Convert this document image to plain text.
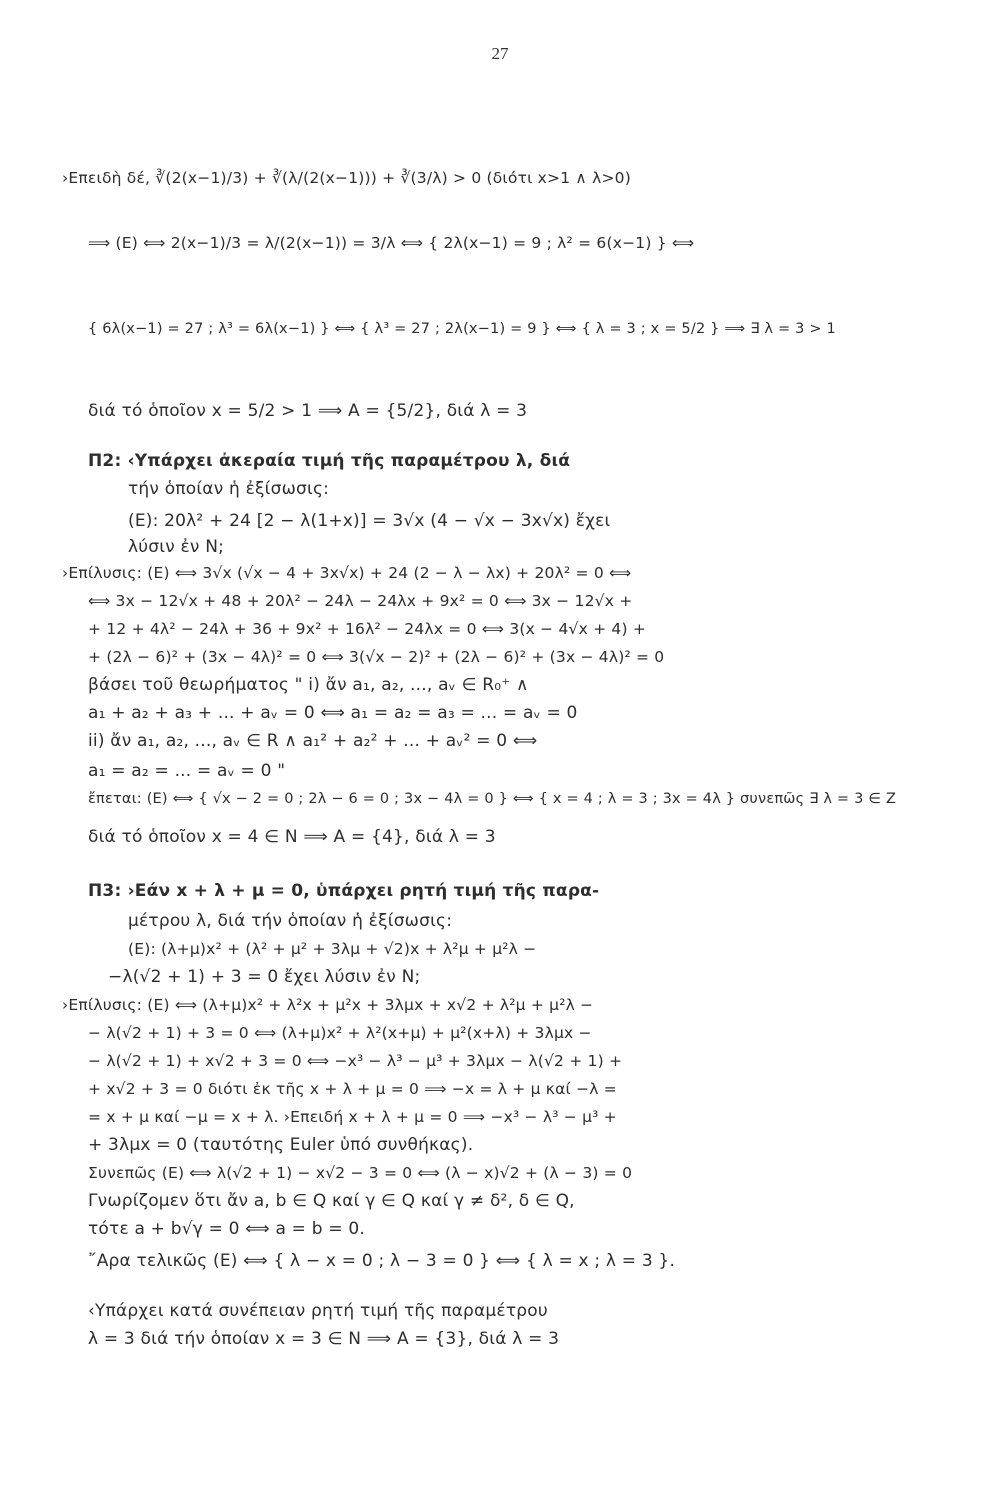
27
›Επειδὴ δέ, ∛(2(x−1)/3) + ∛(λ/(2(x−1))) + ∛(3/λ) > 0 (διότι x>1 ∧ λ>0)
⟹ (E) ⟺ 2(x−1)/3 = λ/(2(x−1)) = 3/λ ⟺ { 2λ(x−1) = 9 ; λ² = 6(x−1) } ⟺
{ 6λ(x−1) = 27 ; λ³ = 6λ(x−1) } ⟺ { λ³ = 27 ; 2λ(x−1) = 9 } ⟺ { λ = 3 ; x = 5/2 } ⟹ ∃ λ = 3 > 1
διά τό ὁποῖον x = 5/2 > 1 ⟹ A = {5/2}, διά λ = 3
Π2: ‹Υπάρχει ἀκεραία τιμή τῆς παραμέτρου λ, διά
τήν ὁποίαν ἡ ἐξίσωσις:
(E): 20λ² + 24 [2 − λ(1+x)] = 3√x (4 − √x − 3x√x) ἔχει
λύσιν ἐν N;
›Επίλυσις: (E) ⟺ 3√x (√x − 4 + 3x√x) + 24 (2 − λ − λx) + 20λ² = 0 ⟺
⟺ 3x − 12√x + 48 + 20λ² − 24λ − 24λx + 9x² = 0 ⟺ 3x − 12√x +
+ 12 + 4λ² − 24λ + 36 + 9x² + 16λ² − 24λx = 0 ⟺ 3(x − 4√x + 4) +
+ (2λ − 6)² + (3x − 4λ)² = 0 ⟺ 3(√x − 2)² + (2λ − 6)² + (3x − 4λ)² = 0
βάσει τοῦ θεωρήματος " i) ἄν a₁, a₂, ..., aᵥ ∈ R₀⁺ ∧
a₁ + a₂ + a₃ + ... + aᵥ = 0 ⟺ a₁ = a₂ = a₃ = ... = aᵥ = 0
ii) ἄν a₁, a₂, ..., aᵥ ∈ R ∧ a₁² + a₂² + ... + aᵥ² = 0 ⟺
a₁ = a₂ = ... = aᵥ = 0 "
ἔπεται: (E) ⟺ { √x − 2 = 0 ; 2λ − 6 = 0 ; 3x − 4λ = 0 } ⟺ { x = 4 ; λ = 3 ; 3x = 4λ } συνεπῶς ∃ λ = 3 ∈ Z
διά τό ὁποῖον x = 4 ∈ N ⟹ A = {4}, διά λ = 3
Π3: ›Εάν x + λ + μ = 0, ὑπάρχει ρητή τιμή τῆς παρα-
μέτρου λ, διά τήν ὁποίαν ἡ ἐξίσωσις:
(E): (λ+μ)x² + (λ² + μ² + 3λμ + √2)x + λ²μ + μ²λ −
−λ(√2 + 1) + 3 = 0 ἔχει λύσιν ἐν N;
›Επίλυσις: (E) ⟺ (λ+μ)x² + λ²x + μ²x + 3λμx + x√2 + λ²μ + μ²λ −
− λ(√2 + 1) + 3 = 0 ⟺ (λ+μ)x² + λ²(x+μ) + μ²(x+λ) + 3λμx −
− λ(√2 + 1) + x√2 + 3 = 0 ⟺ −x³ − λ³ − μ³ + 3λμx − λ(√2 + 1) +
+ x√2 + 3 = 0 διότι ἐκ τῆς x + λ + μ = 0 ⟹ −x = λ + μ καί −λ =
= x + μ καί −μ = x + λ. ›Επειδή x + λ + μ = 0 ⟹ −x³ − λ³ − μ³ +
+ 3λμx = 0 (ταυτότης Euler ὑπό συνθήκας).
Συνεπῶς (E) ⟺ λ(√2 + 1) − x√2 − 3 = 0 ⟺ (λ − x)√2 + (λ − 3) = 0
Γνωρίζομεν ὅτι ἄν a, b ∈ Q καί γ ∈ Q καί γ ≠ δ², δ ∈ Q,
τότε a + b√γ = 0 ⟺ a = b = 0.
῎Αρα τελικῶς (E) ⟺ { λ − x = 0 ; λ − 3 = 0 } ⟺ { λ = x ; λ = 3 }.
‹Υπάρχει κατά συνέπειαν ρητή τιμή τῆς παραμέτρου
λ = 3 διά τήν ὁποίαν x = 3 ∈ N ⟹ A = {3}, διά λ = 3
